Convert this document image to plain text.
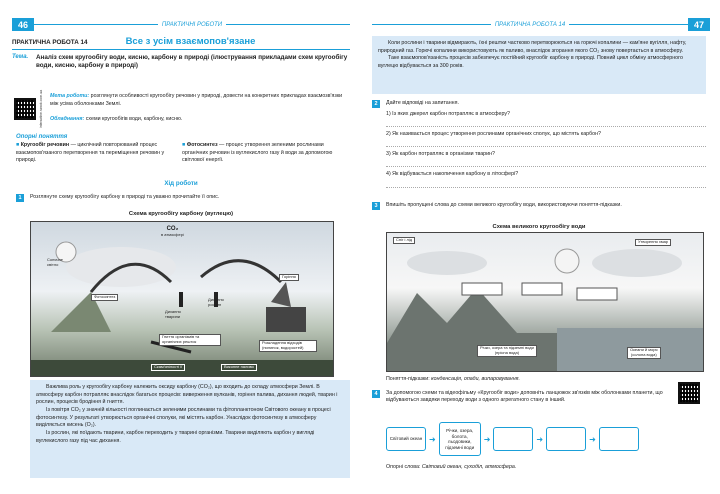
46	ПРАКТИЧНІ РОБОТИ
ПРАКТИЧНА РОБОТА 14	Все з усім взаємопов'язане
Тема.	Аналіз схем кругообігу води, кисню, карбону в природі (ілюстрування прикладами схем кругообігу води, кисню, карбону в природі)
interactive.ranok.com.ua Мета роботи: розглянути особливості кругообігу речовин у природі, довести на конкретних прикладах взаємозв'язки між усіма оболонками Землі.
Обладнання: схеми кругообігів води, карбону, кисню.
Опорні поняття
■ Кругообіг речовин — циклічний повторюваний процес взаємопов'язаного перетворення та переміщення речовин у природі.
■ Фотосинтез — процес утворення зеленими рослинами органічних речовин із вуглекислого газу й води за допомогою світлової енергії.
Хід роботи
1	Розглянуте схему кругообігу карбону в природі та уважно прочитайте її опис.
Схема кругообігу карбону (вуглецю)
CO₂
в атмосфері
Сонячне світло
Фотосинтез
Дихання тварини
Дихання рослин
Горіння
Гниття організмів та органічних решток	Розкладення відходів (пилинок, водоростей)
Скам'янілості її	Викопне паливо

Важлива роль у кругообігу карбону належить оксиду карбону (CO₂), що входить до складу атмосфери Землі. В атмосферу карбон потрапляє внаслідок багатьох процесів: виверження вулканів, горіння палива, дихання людей, тварин і рослин, процесів бродіння й гниття.

Із повітря CO₂ у значній кількості поглинається зеленими рослинами та фітопланктоном Світового океану в процесі фотосинтезу. У результаті утворюється органічні сполуки, які містять карбон. Унаслідок фотосинтезу в атмосферу виділяється кисень (O₂).

Із рослин, які поїдають тварини, карбон переходить у тварині організми. Тварини виділяють карбон у вигляді вуглекислого газу під час дихання.

ПРАКТИЧНА РОБОТА 14	47

Коли рослини і тварини відмирають, їхні рештки частково перетворюються на горючі копалини — кам'яне вугілля, нафту, природний газ. Горючі копалини використовують як паливо, внаслідок згорання якого CO₂ знову повертається в атмосферу.

Таке взаємопов'язаність процесів забезпечує постійний кругообіг карбону в природі. Повний цикл обміну атмосферного вуглецю відбувається за 300 років.

2	Дайте відповіді на запитання.
1) Із яких джерел карбон потрапляє в атмосферу?
2) Як називається процес утворення рослинами органічних сполук, що містять карбон?
3) Як карбон потрапляє в організми тварин?
4) Як відбувається накопичення карбону в літосфері?
3	Впишіть пропущені слова до схеми великого кругообігу води, використовуючи поняття-підказки.
Схема великого кругообігу води
Сніг і лід	Утворення хмар
Річки, озера та підземні води
(прісна вода)
Океани й моря
(солона вода)
Поняття-підказки: конденсація, опади, випаровування.
4	За допомогою схеми та відеофільму «Кругообіг води» доповніть ланцюжок зв'язків між оболонками планети, що відбуваються завдяки переходу води з одного агрегатного стану в інший.
Світовий океан ➜
Річки, озера, болота, льодовики, підземні води
➜	➜	➜
Опорні слова: Світовий океан, суходіл, атмосфера.
